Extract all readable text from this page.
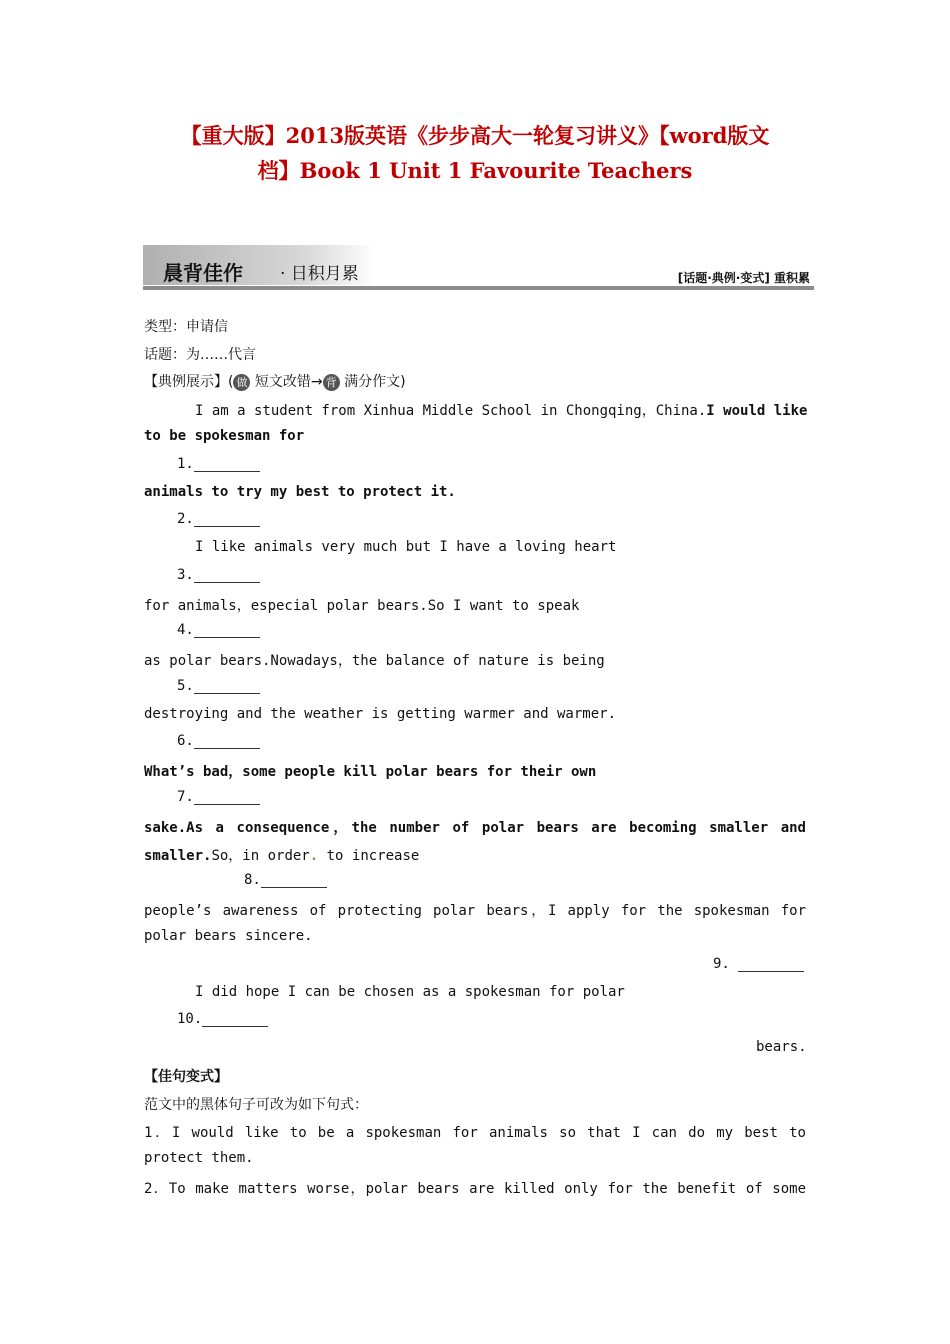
【重大版】2013版英语《步步高大一轮复习讲义》【word版文
档】Book 1 Unit 1 Favourite Teachers
晨背佳作 · 日积月累	[话题·典例·变式] 重积累
类型：申请信
话题：为……代言
【典例展示】( 做 短文改错→ 背 满分作文)
I am a student from Xinhua Middle School in Chongqing，China.I would like
to be spokesman for
1.
animals to try my best to protect it.
2.
I like animals very much but I have a loving heart
3.
for animals，especial polar bears.So I want to speak
4.
as polar bears.Nowadays，the balance of nature is being
5.
destroying and the weather is getting warmer and warmer.
6.
What’s bad，some people kill polar bears for their own
7.
sake.As a consequence，the number of polar bears are becoming smaller and
smaller.So，in order. to increase
8.
people’s awareness of protecting polar bears，I apply for the spokesman for
polar bears sincere.
9.
I did hope I can be chosen as a spokesman for polar
10.
bears.
【佳句变式】
范文中的黑体句子可改为如下句式：
1．I would like to be a spokesman for animals so that I can do my best to
protect them.
2．To make matters worse，polar bears are killed only for the benefit of some
